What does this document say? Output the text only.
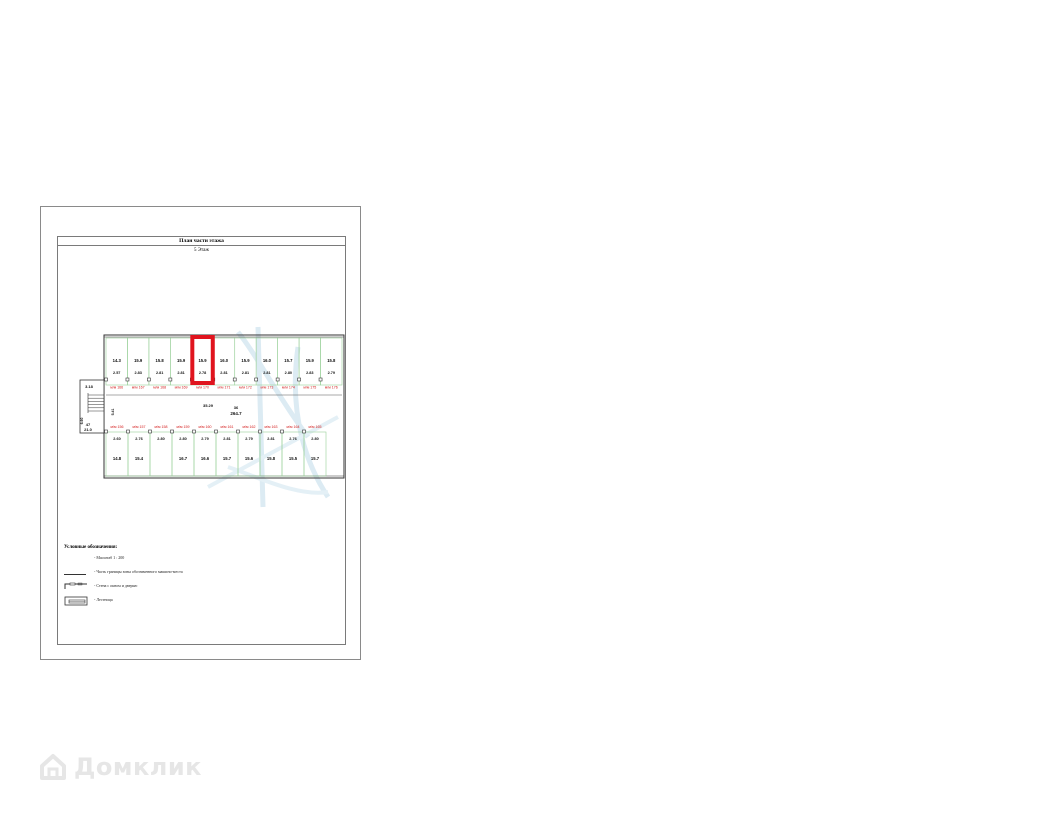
План части этажа
5 Этаж
3.18
47
21.0
6.60
14.3
2.57
м/м 166
15.9
2.83
м/м 167
15.8
2.81
м/м 168
15.9
2.81
м/м 169
15.9
2.78
м/м 170
16.0
2.81
м/м 171
15.9
2.81
м/м 172
16.0
2.81
м/м 173
15.7
2.80
м/м 174
15.9
2.83
м/м 175
15.8
2.79
м/м 176
35.29	36
264.7
5.41
м/м 156
2.60
14.8
м/м 157
2.76
15.4
м/м 158
2.80
м/м 159
2.80
16.7
м/м 160
2.79
16.6
м/м 161
2.81
15.7
м/м 162
2.79
15.6
м/м 163
2.81
15.8
м/м 164
2.76
15.5
м/м 165
2.80
15.7
Условные обозначения:
- Масштаб 1 : 200
- Часть границы зоны обозначенного машино-места
- Стена с окном и дверью
- Лестница
Домклик
